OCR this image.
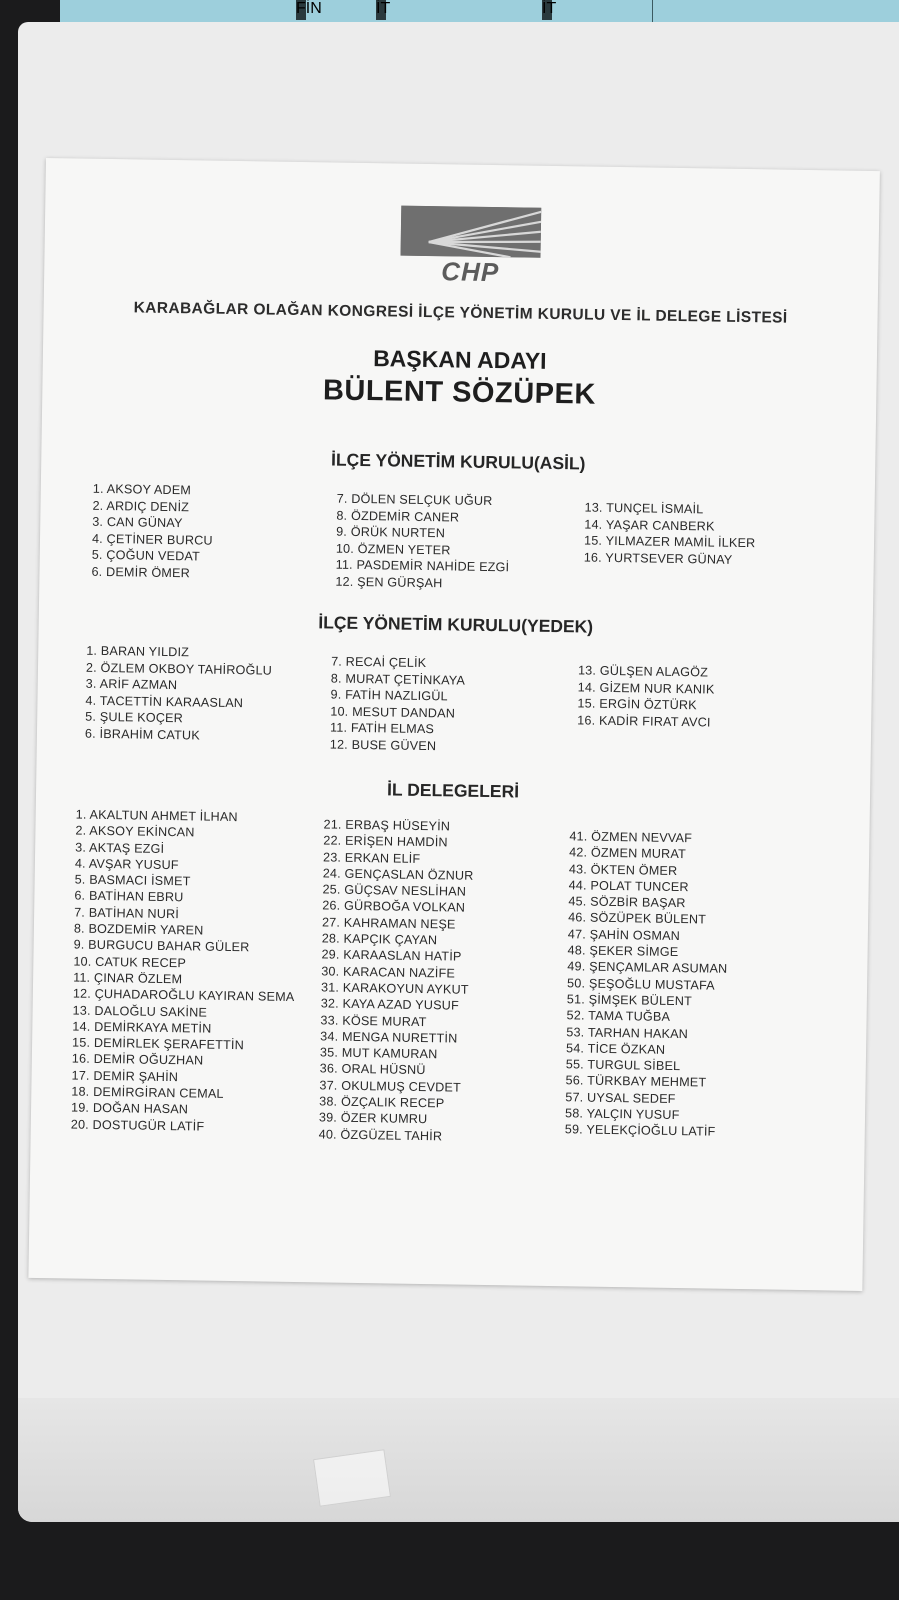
FİN	İT	İT
CHP
KARABAĞLAR OLAĞAN KONGRESİ İLÇE YÖNETİM KURULU VE İL DELEGE LİSTESİ
BAŞKAN ADAYI
BÜLENT SÖZÜPEK
İLÇE YÖNETİM KURULU(ASİL)
1. AKSOY ADEM
2. ARDIÇ DENİZ
3. CAN GÜNAY
4. ÇETİNER BURCU
5. ÇOĞUN VEDAT
6. DEMİR ÖMER
7. DÖLEN SELÇUK UĞUR
8. ÖZDEMİR CANER
9. ÖRÜK NURTEN
10. ÖZMEN YETER
11. PASDEMİR NAHİDE EZGİ
12. ŞEN GÜRŞAH
13. TUNÇEL İSMAİL
14. YAŞAR CANBERK
15. YILMAZER MAMİL İLKER
16. YURTSEVER GÜNAY
İLÇE YÖNETİM KURULU(YEDEK)
1. BARAN YILDIZ
2. ÖZLEM OKBOY TAHİROĞLU
3. ARİF AZMAN
4. TACETTİN KARAASLAN
5. ŞULE KOÇER
6. İBRAHİM CATUK
7. RECAİ ÇELİK
8. MURAT ÇETİNKAYA
9. FATİH NAZLIGÜL
10. MESUT DANDAN
11. FATİH ELMAS
12. BUSE GÜVEN
13. GÜLŞEN ALAGÖZ
14. GİZEM NUR KANIK
15. ERGİN ÖZTÜRK
16. KADİR FIRAT AVCI
İL DELEGELERİ
1. AKALTUN AHMET İLHAN
2. AKSOY EKİNCAN
3. AKTAŞ EZGİ
4. AVŞAR YUSUF
5. BASMACI İSMET
6. BATİHAN EBRU
7. BATİHAN NURİ
8. BOZDEMİR YAREN
9. BURGUCU BAHAR GÜLER
10. CATUK RECEP
11. ÇINAR ÖZLEM
12. ÇUHADAROĞLU KAYIRAN SEMA
13. DALOĞLU SAKİNE
14. DEMİRKAYA METİN
15. DEMİRLEK ŞERAFETTİN
16. DEMİR OĞUZHAN
17. DEMİR ŞAHİN
18. DEMİRGİRAN CEMAL
19. DOĞAN HASAN
20. DOSTUGÜR LATİF
21. ERBAŞ HÜSEYİN
22. ERİŞEN HAMDİN
23. ERKAN ELİF
24. GENÇASLAN ÖZNUR
25. GÜÇSAV NESLİHAN
26. GÜRBOĞA VOLKAN
27. KAHRAMAN NEŞE
28. KAPÇIK ÇAYAN
29. KARAASLAN HATİP
30. KARACAN NAZİFE
31. KARAKOYUN AYKUT
32. KAYA AZAD YUSUF
33. KÖSE MURAT
34. MENGA NURETTİN
35. MUT KAMURAN
36. ORAL HÜSNÜ
37. OKULMUŞ CEVDET
38. ÖZÇALIK RECEP
39. ÖZER KUMRU
40. ÖZGÜZEL TAHİR
41. ÖZMEN NEVVAF
42. ÖZMEN MURAT
43. ÖKTEN ÖMER
44. POLAT TUNCER
45. SÖZBİR BAŞAR
46. SÖZÜPEK BÜLENT
47. ŞAHİN OSMAN
48. ŞEKER SİMGE
49. ŞENÇAMLAR ASUMAN
50. ŞEŞOĞLU MUSTAFA
51. ŞİMŞEK BÜLENT
52. TAMA TUĞBA
53. TARHAN HAKAN
54. TİCE ÖZKAN
55. TURGUL SİBEL
56. TÜRKBAY MEHMET
57. UYSAL SEDEF
58. YALÇIN YUSUF
59. YELEKÇİOĞLU LATİF
